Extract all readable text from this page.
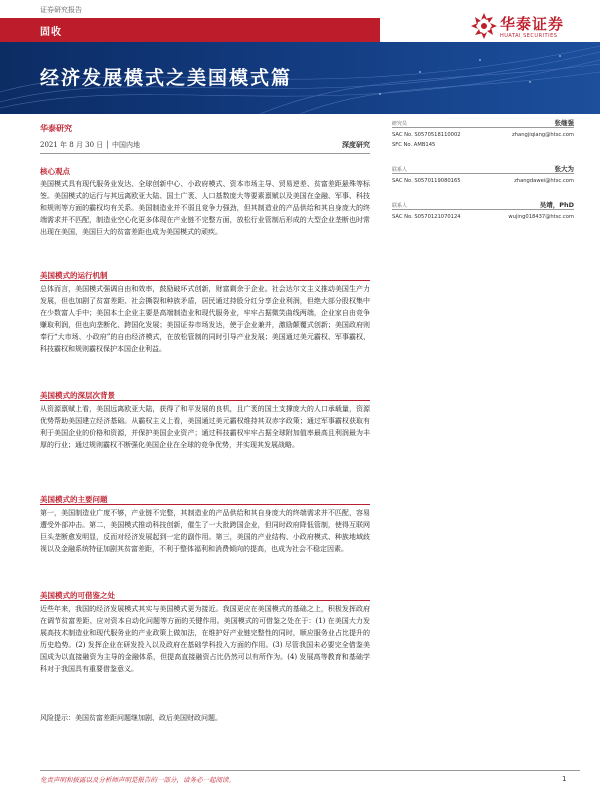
证券研究报告
固收	华泰证券
HUATAI SECURITIES
经济发展模式之美国模式篇
华泰研究
2021 年 8 月 30 日 │ 中国内地	深度研究
研究员	张继强
SAC No. S0570518110002	zhangjiqiang@htsc.com
SFC No. AMB145
联系人	张大为
SAC No. S0570119080165	zhangdawei@htsc.com
联系人	吴靖，PhD
SAC No. S0570121070124	wujing018437@htsc.com
核心观点
美国模式具有现代服务业发达、全球创新中心、小政府模式、资本市场主导、贸易逆差、贫富差距悬殊等标签。美国模式的运行与其远离欧亚大陆、国土广袤、人口基数庞大等要素禀赋以及美国在金融、军事、科技和规则等方面的霸权均有关系。美国制造业并不弱且竞争力强劲，但其制造业的产品供给和其自身庞大的终端需求并不匹配，制造业空心化更多体现在产业链不完整方面，放松行业管制后形成的大型企业垄断也时常出现在美国，美国巨大的贫富差距也成为美国模式的顽疾。
美国模式的运行机制
总体而言，美国模式强调自由和效率，鼓励破坏式创新，财富剩余于企业。社会达尔文主义推动美国生产力发展，但也加剧了贫富差距、社会撕裂和种族矛盾，居民通过持股分红分享企业利润，但绝大部分股权集中在少数富人手中；美国本土企业主要是高端制造业和现代服务业，牢牢占据微笑曲线两端，企业家自由竞争赚取利润，但也向垄断化、跨国化发展；美国证券市场发达，使于企业兼并，激励颠覆式创新；美国政府则奉行“大市场、小政府”的自由经济模式，在放松管制的同时引导产业发展；美国通过美元霸权、军事霸权、科技霸权和规则霸权保护本国企业利益。
美国模式的深层次背景
从资源禀赋上看，美国远离欧亚大陆，获得了和平发展的良机，且广袤的国土支撑庞大的人口承载量，资源优势帮助美国建立经济基础。从霸权主义上看，美国通过美元霸权维持其双赤字政策；通过军事霸权获取有利于美国企业的价格和资源，并保护美国企业资产；通过科技霸权牢牢占据全球附加值率最高且利润最为丰厚的行业；通过规则霸权不断强化美国企业在全球的竞争优势，并实现其发展战略。
美国模式的主要问题
第一，美国制造业广度不够，产业链不完整，其制造业的产品供给和其自身庞大的终端需求并不匹配，容易遭受外部冲击。第二，美国模式推动科技创新，催生了一大批跨国企业，但同时政府降低管制，使得互联网巨头垄断愈发明显，反而对经济发展起到一定的副作用。第三，美国的产业结构、小政府模式、种族地域歧视以及金融系统特征加剧其贫富差距，不利于整体福利和消费倾向的提高，也成为社会不稳定因素。
美国模式的可借鉴之处
近些年来，我国的经济发展模式其实与美国模式更为接近。我国更应在美国模式的基础之上，积极发挥政府在调节贫富差距、应对资本自动化问题等方面的关键作用。美国模式的可借鉴之处在于：(1) 在美国大力发展高技术制造业和现代服务业的产业政策上做加法，在维护好产业链完整性的同时，顺应服务业占比提升的历史趋势。(2) 发挥企业在研发投入以及政府在基础学科投入方面的作用。(3) 尽管我国未必要完全借鉴美国成为以直接融资为主导的金融体系，但提高直接融资占比仍然可以有所作为。(4) 发展高等教育和基础学科对于我国具有重要借鉴意义。
风险提示：美国贫富差距问题继加剧、政后美国财政问题。
免责声明和披露以及分析师声明是报告的一部分，请务必一起阅读。	1
